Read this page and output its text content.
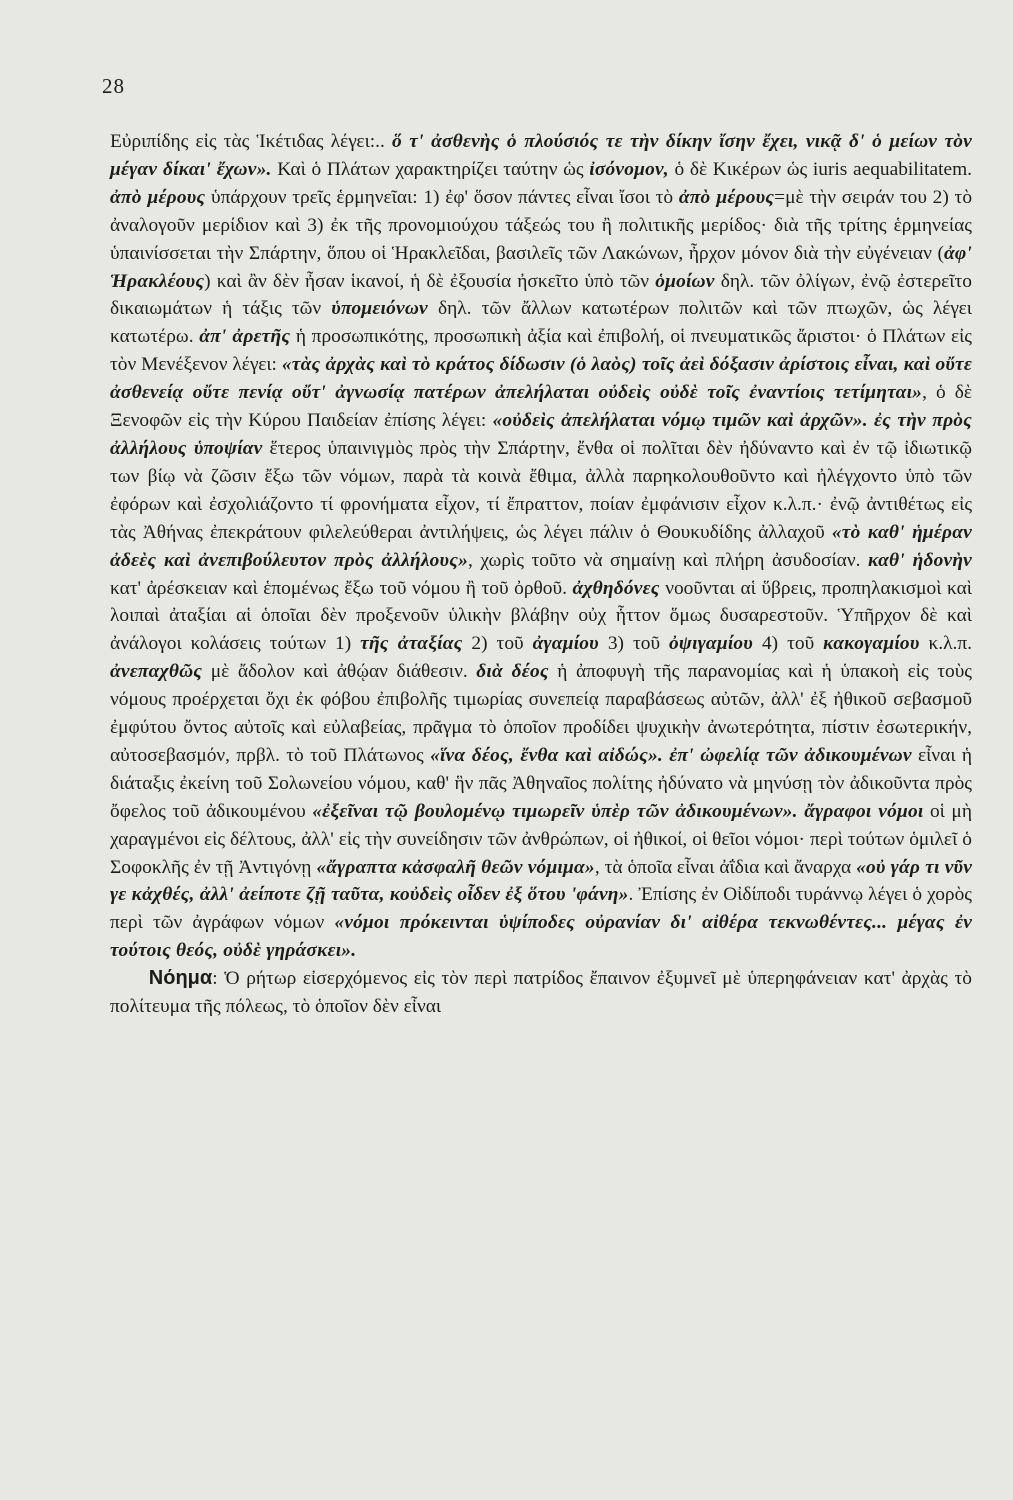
28

Εὐριπίδης εἰς τὰς Ἱκέτιδας λέγει:.. ὅ τ' ἀσθενὴς ὁ πλούσιός τε τὴν δίκην ἴσην ἔχει, νικᾷ δ' ὁ μείων τὸν μέγαν δίκαι' ἔχων». Καὶ ὁ Πλάτων χαρακτηρίζει ταύτην ὡς ἰσόνομον, ὁ δὲ Κικέρων ὡς iuris aequabilitatem. ἀπὸ μέρους ὑπάρχουν τρεῖς ἑρμηνεῖαι: 1) ἐφ' ὅσον πάντες εἶναι ἴσοι τὸ ἀπὸ μέρους=μὲ τὴν σειράν του 2) τὸ ἀναλογοῦν μερίδιον καὶ 3) ἐκ τῆς προνομιούχου τάξεώς του ἢ πολιτικῆς μερίδος· διὰ τῆς τρίτης ἑρμηνείας ὑπαινίσσεται τὴν Σπάρτην, ὅπου οἱ Ἡρακλεῖδαι, βασιλεῖς τῶν Λακώνων, ἦρχον μόνον διὰ τὴν εὐγένειαν (ἀφ' Ἡρακλέους) καὶ ἂν δὲν ἦσαν ἱκανοί, ἡ δὲ ἐξουσία ἠσκεῖτο ὑπὸ τῶν ὁμοίων δηλ. τῶν ὀλίγων, ἐνῷ ἐστερεῖτο δικαιωμάτων ἡ τάξις τῶν ὑπομειόνων δηλ. τῶν ἄλλων κατωτέρων πολιτῶν καὶ τῶν πτωχῶν, ὡς λέγει κατωτέρω. ἀπ' ἀρετῆς ἡ προσωπικότης, προσωπικὴ ἀξία καὶ ἐπιβολή, οἱ πνευματικῶς ἄριστοι· ὁ Πλάτων εἰς τὸν Μενέξενον λέγει: «τὰς ἀρχὰς καὶ τὸ κράτος δίδωσιν (ὁ λαὸς) τοῖς ἀεὶ δόξασιν ἀρίστοις εἶναι, καὶ οὔτε ἀσθενείᾳ οὔτε πενίᾳ οὔτ' ἀγνωσίᾳ πατέρων ἀπελήλαται οὐδεὶς οὐδὲ τοῖς ἐναντίοις τετίμηται», ὁ δὲ Ξενοφῶν εἰς τὴν Κύρου Παιδείαν ἐπίσης λέγει: «οὐδεὶς ἀπελήλαται νόμῳ τιμῶν καὶ ἀρχῶν». ἐς τὴν πρὸς ἀλλήλους ὑποψίαν ἕτερος ὑπαινιγμὸς πρὸς τὴν Σπάρτην, ἔνθα οἱ πολῖται δὲν ἠδύναντο καὶ ἐν τῷ ἰδιωτικῷ των βίῳ νὰ ζῶσιν ἔξω τῶν νόμων, παρὰ τὰ κοινὰ ἔθιμα, ἀλλὰ παρηκολουθοῦντο καὶ ἠλέγχοντο ὑπὸ τῶν ἐφόρων καὶ ἐσχολιάζοντο τί φρονήματα εἶχον, τί ἔπραττον, ποίαν ἐμφάνισιν εἶχον κ.λ.π.· ἐνῷ ἀντιθέτως εἰς τὰς Ἀθήνας ἐπεκράτουν φιλελεύθεραι ἀντιλήψεις, ὡς λέγει πάλιν ὁ Θουκυδίδης ἀλλαχοῦ «τὸ καθ' ἡμέραν ἀδεὲς καὶ ἀνεπιβούλευτον πρὸς ἀλλήλους», χωρὶς τοῦτο νὰ σημαίνῃ καὶ πλήρη ἀσυδοσίαν. καθ' ἡδονὴν κατ' ἀρέσκειαν καὶ ἑπομένως ἔξω τοῦ νόμου ἢ τοῦ ὀρθοῦ. ἀχθηδόνες νοοῦνται αἱ ὕβρεις, προπηλακισμοὶ καὶ λοιπαὶ ἀταξίαι αἱ ὁποῖαι δὲν προξενοῦν ὑλικὴν βλάβην οὐχ ἧττον ὅμως δυσαρεστοῦν. Ὑπῆρχον δὲ καὶ ἀνάλογοι κολάσεις τούτων 1) τῆς ἀταξίας 2) τοῦ ἀγαμίου 3) τοῦ ὀψιγαμίου 4) τοῦ κακογαμίου κ.λ.π. ἀνεπαχθῶς μὲ ἄδολον καὶ ἀθῴαν διάθεσιν. διὰ δέος ἡ ἀποφυγὴ τῆς παρανομίας καὶ ἡ ὑπακοὴ εἰς τοὺς νόμους προέρχεται ὄχι ἐκ φόβου ἐπιβολῆς τιμωρίας συνεπείᾳ παραβάσεως αὐτῶν, ἀλλ' ἐξ ἠθικοῦ σεβασμοῦ ἐμφύτου ὄντος αὐτοῖς καὶ εὐλαβείας, πρᾶγμα τὸ ὁποῖον προδίδει ψυχικὴν ἀνωτερότητα, πίστιν ἐσωτερικήν, αὐτοσεβασμόν, πρβλ. τὸ τοῦ Πλάτωνος «ἵνα δέος, ἔνθα καὶ αἰδώς». ἐπ' ὠφελίᾳ τῶν ἀδικουμένων εἶναι ἡ διάταξις ἐκείνη τοῦ Σολωνείου νόμου, καθ' ἣν πᾶς Ἀθηναῖος πολίτης ἠδύνατο νὰ μηνύσῃ τὸν ἀδικοῦντα πρὸς ὄφελος τοῦ ἀδικουμένου «ἐξεῖναι τῷ βουλομένῳ τιμωρεῖν ὑπὲρ τῶν ἀδικουμένων». ἄγραφοι νόμοι οἱ μὴ χαραγμένοι εἰς δέλτους, ἀλλ' εἰς τὴν συνείδησιν τῶν ἀνθρώπων, οἱ ἠθικοί, οἱ θεῖοι νόμοι· περὶ τούτων ὁμιλεῖ ὁ Σοφοκλῆς ἐν τῇ Ἀντιγόνῃ «ἄγραπτα κἀσφαλῆ θεῶν νόμιμα», τὰ ὁποῖα εἶναι ἀΐδια καὶ ἄναρχα «οὐ γάρ τι νῦν γε κἀχθές, ἀλλ' ἀείποτε ζῇ ταῦτα, κοὐδεὶς οἶδεν ἐξ ὅτου 'φάνη». Ἐπίσης ἐν Οἰδίποδι τυράννῳ λέγει ὁ χορὸς περὶ τῶν ἀγράφων νόμων «νόμοι πρόκεινται ὑψίποδες οὐρανίαν δι' αἰθέρα τεκνωθέντες... μέγας ἐν τούτοις θεός, οὐδὲ γηράσκει».
  Νόημα: Ὁ ρήτωρ εἰσερχόμενος εἰς τὸν περὶ πατρίδος ἔπαινον ἐξυμνεῖ μὲ ὑπερηφάνειαν κατ' ἀρχὰς τὸ πολίτευμα τῆς πόλεως, τὸ ὁποῖον δὲν εἶναι
